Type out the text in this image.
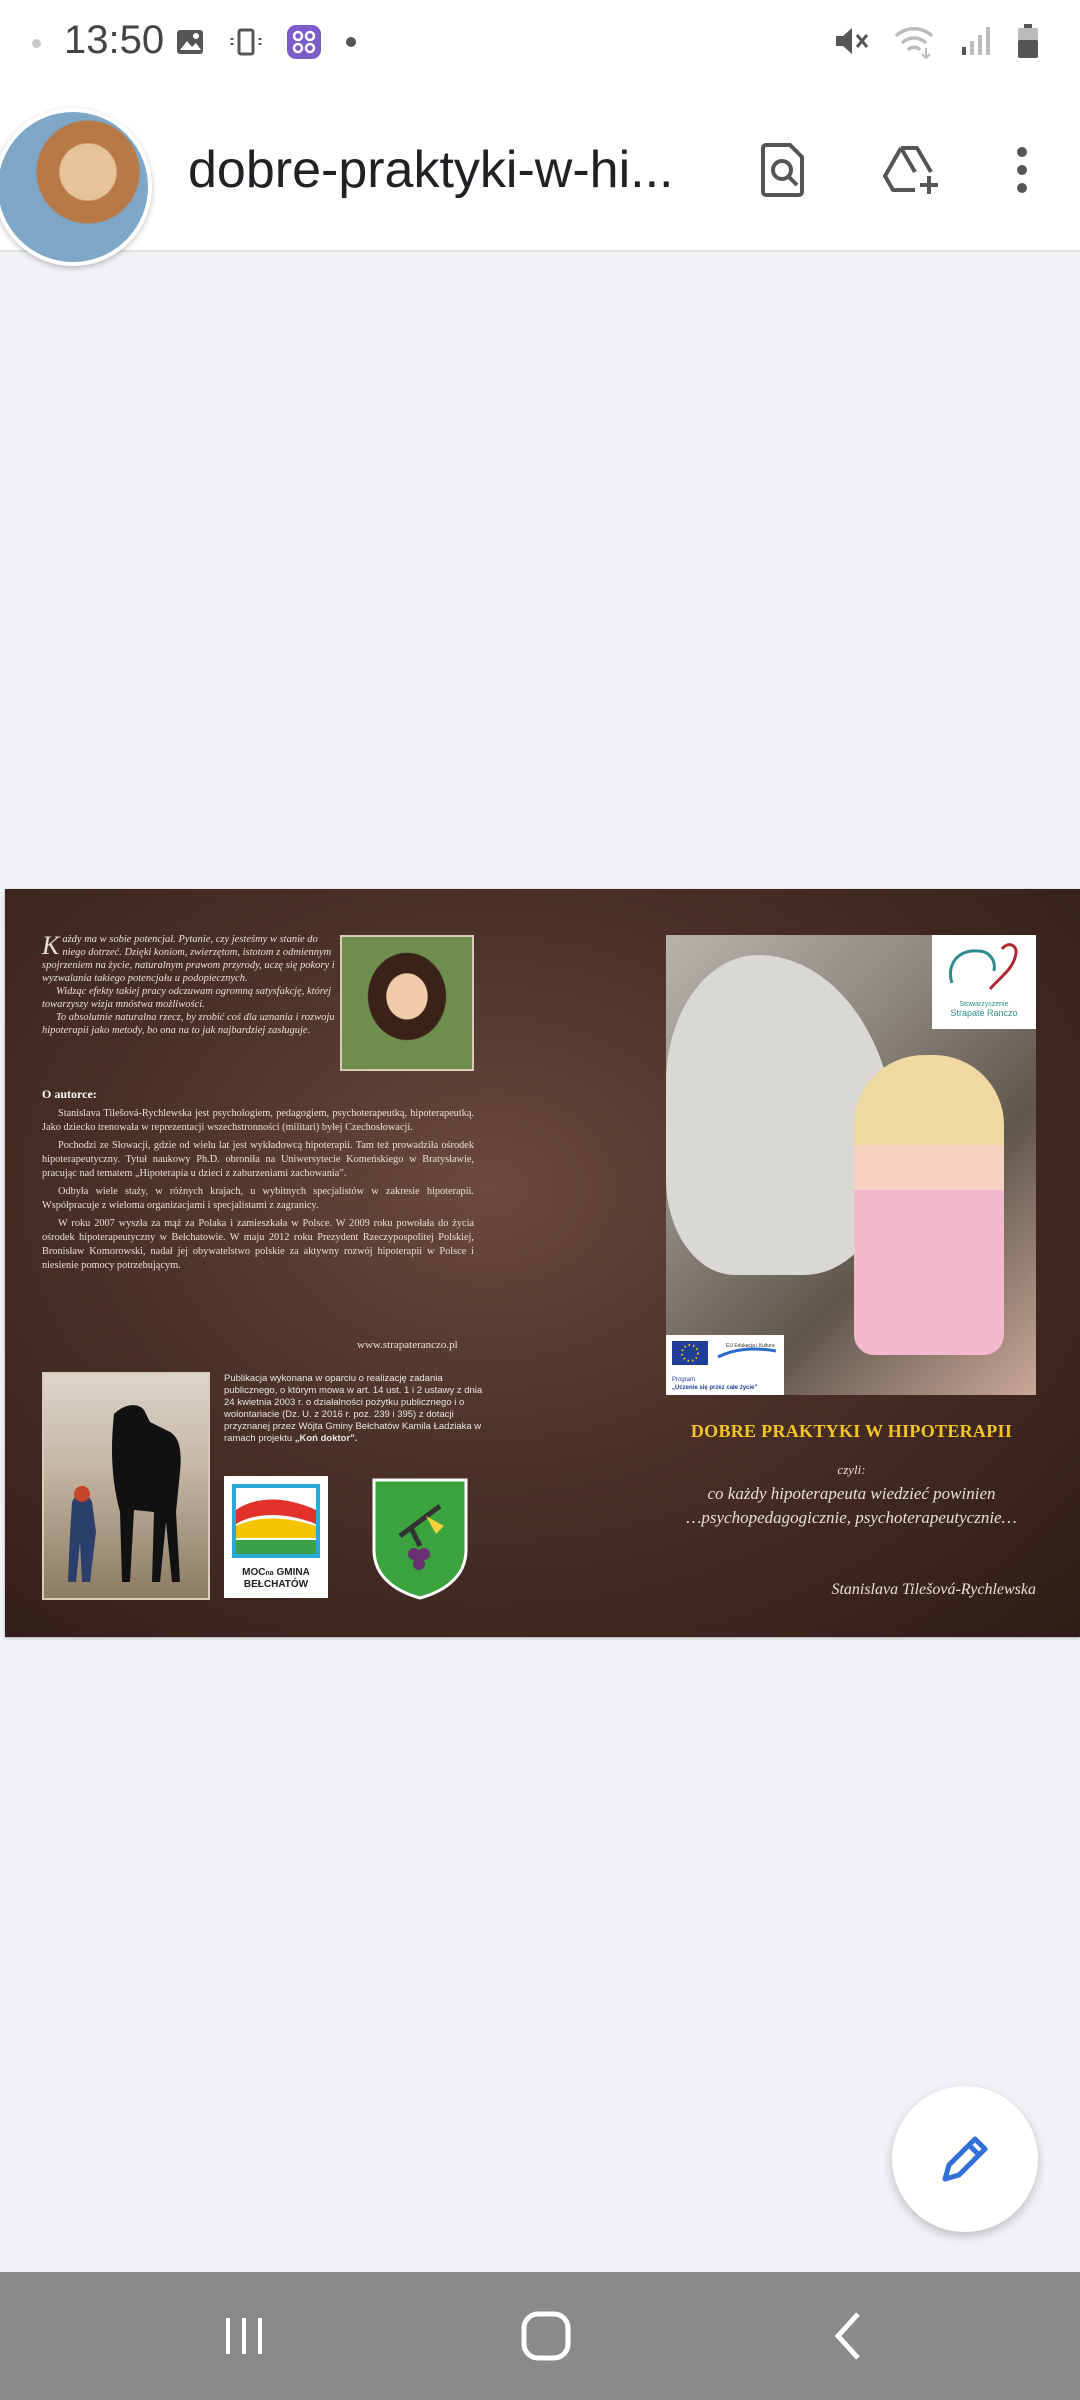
13:50
dobre-praktyki-w-hi...

Każdy ma w sobie potencjał. Pytanie, czy jesteśmy w stanie do niego dotrzeć. Dzięki koniom, zwierzętom, istotom z odmiennym spojrzeniem na życie, naturalnym prawom przyrody, uczę się pokory i wyzwalania takiego potencjału u podopiecznych.

Widząc efekty takiej pracy odczuwam ogromną satysfakcję, której towarzyszy wizja mnóstwa możliwości.

To absolutnie naturalna rzecz, by zrobić coś dla uznania i rozwoju hipoterapii jako metody, bo ona na to jak najbardziej zasługuje.

O autorce:

Stanislava Tilešová-Rychlewska jest psychologiem, pedagogiem, psychoterapeutką, hipoterapeutką. Jako dziecko trenowała w reprezentacji wszechstronności (militari) byłej Czechosłowacji.

Pochodzi ze Słowacji, gdzie od wielu lat jest wykładowcą hipoterapii. Tam też prowadziła ośrodek hipoterapeutyczny. Tytuł naukowy Ph.D. obroniła na Uniwersytecie Komeńskiego w Bratysławie, pracując nad tematem „Hipoterapia u dzieci z zaburzeniami zachowania”.

Odbyła wiele staży, w różnych krajach, u wybitnych specjalistów w zakresie hipoterapii. Współpracuje z wieloma organizacjami i specjalistami z zagranicy.

W roku 2007 wyszła za mąż za Polaka i zamieszkała w Polsce. W 2009 roku powołała do życia ośrodek hipoterapeutyczny w Bełchatowie. W maju 2012 roku Prezydent Rzeczypospolitej Polskiej, Bronisław Komorowski, nadał jej obywatelstwo polskie za aktywny rozwój hipoterapii w Polsce i niesienie pomocy potrzebującym.

www.strapateranczo.pl
Publikacja wykonana w oparciu o realizację zadania publicznego, o którym mowa w art. 14 ust. 1 i 2 ustawy z dnia 24 kwietnia 2003 r. o działalności pożytku publicznego i o wolontariacie (Dz. U. z 2016 r. poz. 239 i 395) z dotacji przyznanej przez Wójta Gminy Bełchatów Kamila Ładziaka w ramach projektu „Koń doktor”.
MOCna GMINA
BEŁCHATÓW
Stowarzyszenie
Strapaté Ranczo
EU Edukacja i Kultura
Program
„Uczenie się przez całe życie”
DOBRE PRAKTYKI W HIPOTERAPII
czyli:
co każdy hipoterapeuta wiedzieć powinien
…psychopedagogicznie, psychoterapeutycznie…
Stanislava Tilešová-Rychlewska
